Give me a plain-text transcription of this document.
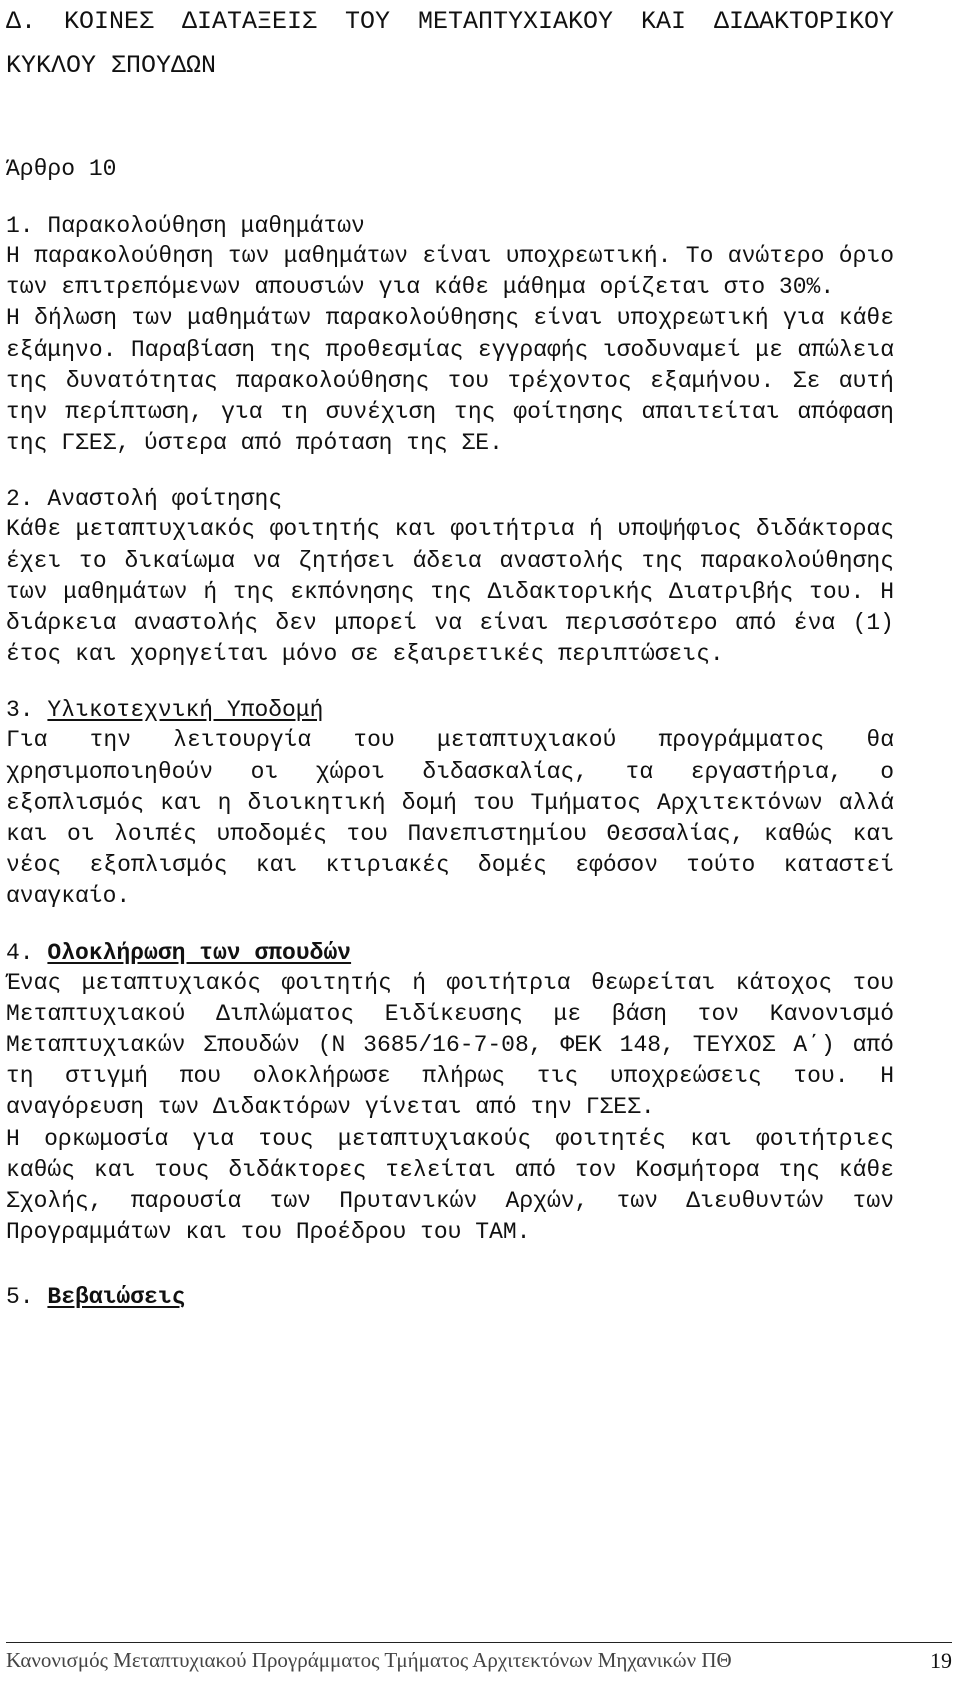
Δ. ΚΟΙΝΕΣ ΔΙΑΤΑΞΕΙΣ ΤΟΥ ΜΕΤΑΠΤΥΧΙΑΚΟΥ ΚΑΙ ΔΙΔΑΚΤΟΡΙΚΟΥ ΚΥΚΛΟΥ ΣΠΟΥΔΩΝ
Άρθρο 10
1. Παρακολούθηση μαθημάτων

Η παρακολούθηση των μαθημάτων είναι υποχρεωτική. Το ανώτερο όριο των επιτρεπόμενων απουσιών για κάθε μάθημα ορίζεται στο 30%.

Η δήλωση των μαθημάτων παρακολούθησης είναι υποχρεωτική για κάθε εξάμηνο. Παραβίαση της προθεσμίας εγγραφής ισοδυναμεί με απώλεια της δυνατότητας παρακολούθησης του τρέχοντος εξαμήνου. Σε αυτή την περίπτωση, για τη συνέχιση της φοίτησης απαιτείται απόφαση της ΓΣΕΣ, ύστερα από πρόταση της ΣΕ.

2. Αναστολή φοίτησης

Κάθε μεταπτυχιακός φοιτητής και φοιτήτρια ή υποψήφιος διδάκτορας έχει το δικαίωμα να ζητήσει άδεια αναστολής της παρακολούθησης των μαθημάτων ή της εκπόνησης της Διδακτορικής Διατριβής του. Η διάρκεια αναστολής δεν μπορεί να είναι περισσότερο από ένα (1) έτος και χορηγείται μόνο σε εξαιρετικές περιπτώσεις.

3. Υλικοτεχνική Υποδομή

Για την λειτουργία του μεταπτυχιακού προγράμματος θα χρησιμοποιηθούν οι χώροι διδασκαλίας, τα εργαστήρια, ο εξοπλισμός και η διοικητική δομή του Τμήματος Αρχιτεκτόνων αλλά και οι λοιπές υποδομές του Πανεπιστημίου Θεσσαλίας, καθώς και νέος εξοπλισμός και κτιριακές δομές εφόσον τούτο καταστεί αναγκαίο.

4. Ολοκλήρωση των σπουδών

Ένας μεταπτυχιακός φοιτητής ή φοιτήτρια θεωρείται κάτοχος του Μεταπτυχιακού Διπλώματος Ειδίκευσης με βάση τον Κανονισμό Μεταπτυχιακών Σπουδών (Ν 3685/16-7-08, ΦΕΚ 148, ΤΕΥΧΟΣ Α΄) από τη στιγμή που ολοκλήρωσε πλήρως τις υποχρεώσεις του. Η αναγόρευση των Διδακτόρων γίνεται από την ΓΣΕΣ.

Η ορκωμοσία για τους μεταπτυχιακούς φοιτητές και φοιτήτριες καθώς και τους διδάκτορες τελείται από τον Κοσμήτορα της κάθε Σχολής, παρουσία των Πρυτανικών Αρχών, των Διευθυντών των Προγραμμάτων και του Προέδρου του ΤΑΜ.

5. Βεβαιώσεις
Κανονισμός Μεταπτυχιακού Προγράμματος Τμήματος Αρχιτεκτόνων Μηχανικών ΠΘ	19
